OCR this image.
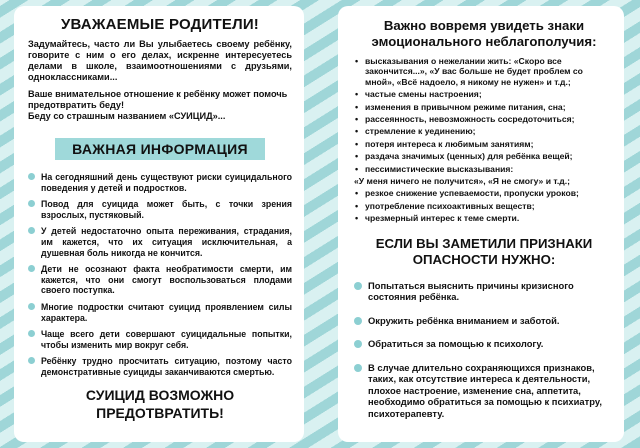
УВАЖАЕМЫЕ РОДИТЕЛИ!

Задумайтесь, часто ли Вы улыбаетесь своему ребёнку, говорите с ним о его делах, искренне интересуетесь делами в школе, взаимоотношениями с друзьями, одноклассниками...

Ваше внимательное отношение к ребёнку может помочь предотвратить беду!

Беду со страшным названием «СУИЦИД»...

ВАЖНАЯ ИНФОРМАЦИЯ
На сегодняшний день существуют риски суицидального поведения у детей и подростков.
Повод для суицида может быть, с точки зрения взрослых, пустяковый.
У детей недостаточно опыта переживания, страдания, им кажется, что их ситуация исключительная, а душевная боль никогда не кончится.
Дети не осознают факта необратимости смерти, им кажется, что они смогут воспользоваться плодами своего поступка.
Многие подростки считают суицид проявлением силы характера.
Чаще всего дети совершают суицидальные попытки, чтобы изменить мир вокруг себя.
Ребёнку трудно просчитать ситуацию, поэтому часто демонстративные суициды заканчиваются смертью.
СУИЦИД ВОЗМОЖНО
ПРЕДОТВРАТИТЬ!
Важно вовремя увидеть знаки эмоционального неблагополучия:
• высказывания о нежелании жить: «Скоро все закончится...», «У вас больше не будет проблем со мной», «Всё надоело, я никому не нужен» и т.д.;
• частые смены настроения;
• изменения в привычном режиме питания, сна;
• рассеянность, невозможность сосредоточиться;
• стремление к уединению;
• потеря интереса к любимым занятиям;
• раздача значимых (ценных) для ребёнка вещей;
• пессимистические высказывания:
«У меня ничего не получится», «Я не смогу» и т.д.;
• резкое снижение успеваемости, пропуски уроков;
• употребление психоактивных веществ;
• чрезмерный интерес к теме смерти.
ЕСЛИ ВЫ ЗАМЕТИЛИ ПРИЗНАКИ ОПАСНОСТИ НУЖНО:
Попытаться выяснить причины кризисного состояния ребёнка.
Окружить ребёнка вниманием и заботой.
Обратиться за помощью к психологу.
В случае длительно сохраняющихся признаков, таких, как отсутствие интереса к деятельности, плохое настроение, изменение сна, аппетита, необходимо обратиться за помощью к психиатру, психотерапевту.
